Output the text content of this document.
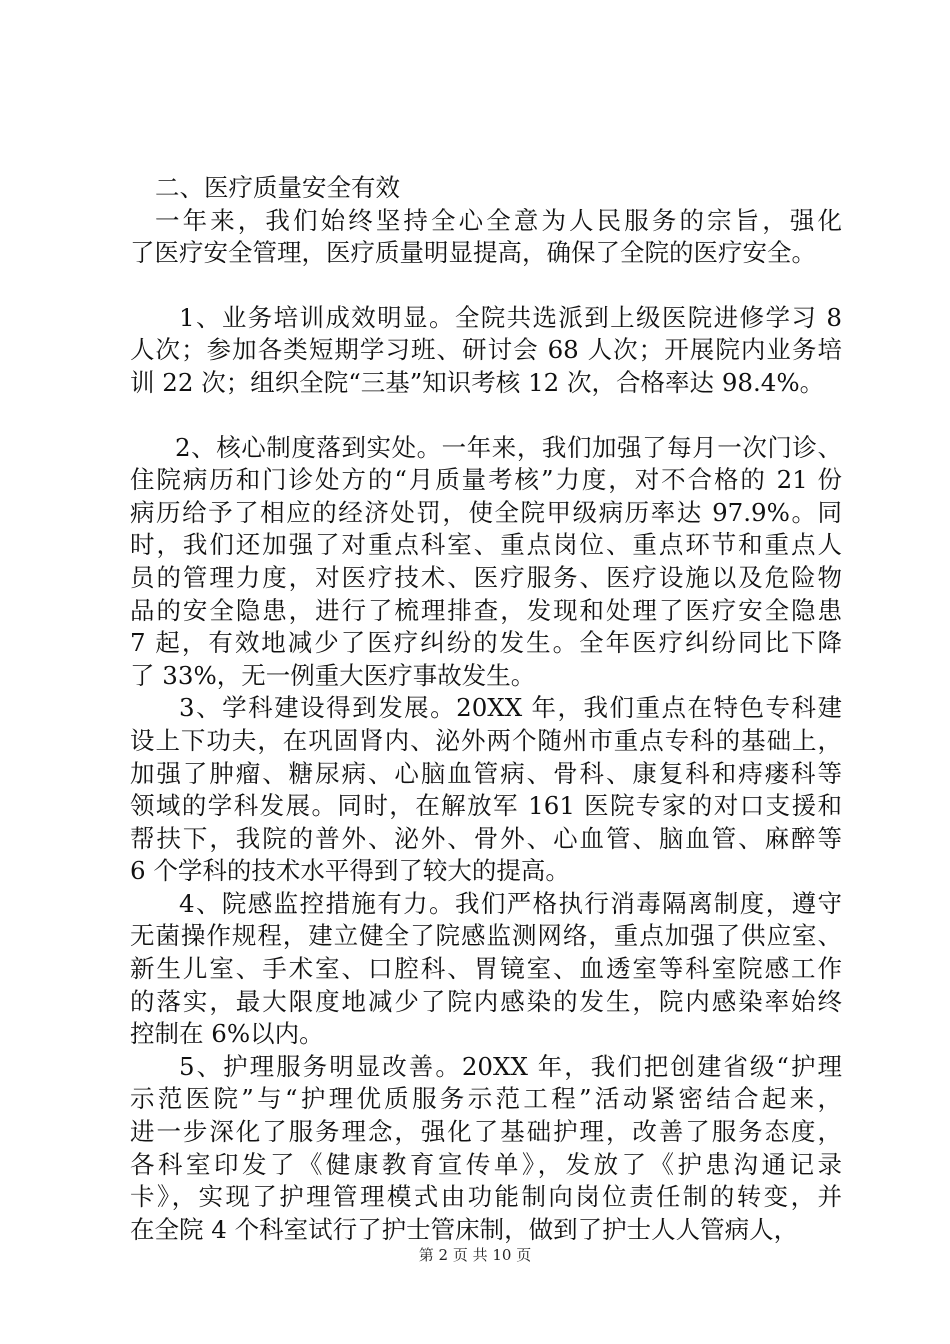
二、医疗质量安全有效
一年来，我们始终坚持全心全意为人民服务的宗旨，强化
了医疗安全管理，医疗质量明显提高，确保了全院的医疗安全。
1、业务培训成效明显。全院共选派到上级医院进修学习 8
人次；参加各类短期学习班、研讨会 68 人次；开展院内业务培
训 22 次；组织全院“三基”知识考核 12 次，合格率达 98.4%。
2、核心制度落到实处。一年来，我们加强了每月一次门诊、
住院病历和门诊处方的“月质量考核”力度，对不合格的 21 份
病历给予了相应的经济处罚，使全院甲级病历率达 97.9%。同
时，我们还加强了对重点科室、重点岗位、重点环节和重点人
员的管理力度，对医疗技术、医疗服务、医疗设施以及危险物
品的安全隐患，进行了梳理排查，发现和处理了医疗安全隐患
7 起，有效地减少了医疗纠纷的发生。全年医疗纠纷同比下降
了 33%，无一例重大医疗事故发生。
3、学科建设得到发展。20XX 年，我们重点在特色专科建
设上下功夫，在巩固肾内、泌外两个随州市重点专科的基础上，
加强了肿瘤、糖尿病、心脑血管病、骨科、康复科和痔瘘科等
领域的学科发展。同时，在解放军 161 医院专家的对口支援和
帮扶下，我院的普外、泌外、骨外、心血管、脑血管、麻醉等
6 个学科的技术水平得到了较大的提高。
4、院感监控措施有力。我们严格执行消毒隔离制度，遵守
无菌操作规程，建立健全了院感监测网络，重点加强了供应室、
新生儿室、手术室、口腔科、胃镜室、血透室等科室院感工作
的落实，最大限度地减少了院内感染的发生，院内感染率始终
控制在 6%以内。
5、护理服务明显改善。20XX 年，我们把创建省级“护理
示范医院”与“护理优质服务示范工程”活动紧密结合起来，
进一步深化了服务理念，强化了基础护理，改善了服务态度，
各科室印发了《健康教育宣传单》，发放了《护患沟通记录
卡》，实现了护理管理模式由功能制向岗位责任制的转变，并
在全院 4 个科室试行了护士管床制，做到了护士人人管病人，
第 2 页 共 10 页
